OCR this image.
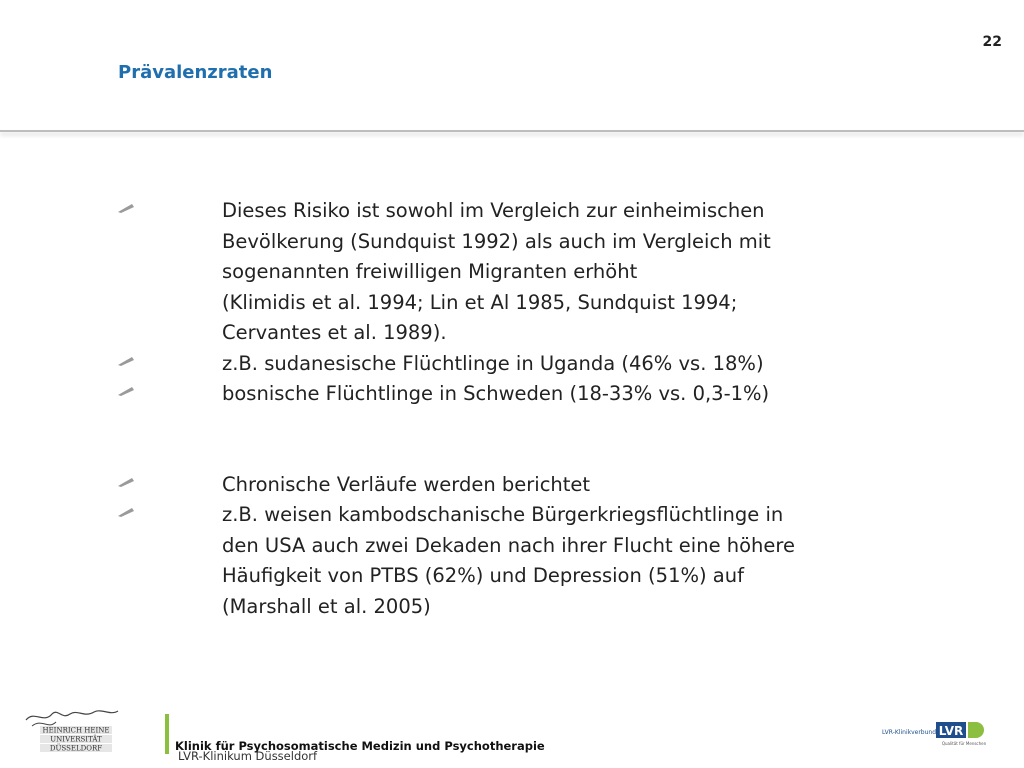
22
Prävalenzraten
Dieses Risiko ist sowohl im Vergleich zur einheimischen
Bevölkerung (Sundquist 1992) als auch im Vergleich mit
sogenannten freiwilligen Migranten erhöht
(Klimidis et al. 1994; Lin et Al 1985, Sundquist 1994;
Cervantes et al. 1989).
z.B. sudanesische Flüchtlinge in Uganda (46% vs. 18%)
bosnische Flüchtlinge in Schweden (18-33% vs. 0,3-1%)
Chronische Verläufe werden berichtet
z.B. weisen kambodschanische Bürgerkriegsflüchtlinge in
den USA auch zwei Dekaden nach ihrer Flucht eine höhere
Häufigkeit von PTBS (62%) und Depression (51%) auf
(Marshall et al. 2005)
HEINRICH HEINE
UNIVERSITÄT
DÜSSELDORF	Klinik für Psychosomatische Medizin und Psychotherapie
LVR-Klinikum Düsseldorf
LVR-Klinikverbund LVR
Qualität für Menschen
